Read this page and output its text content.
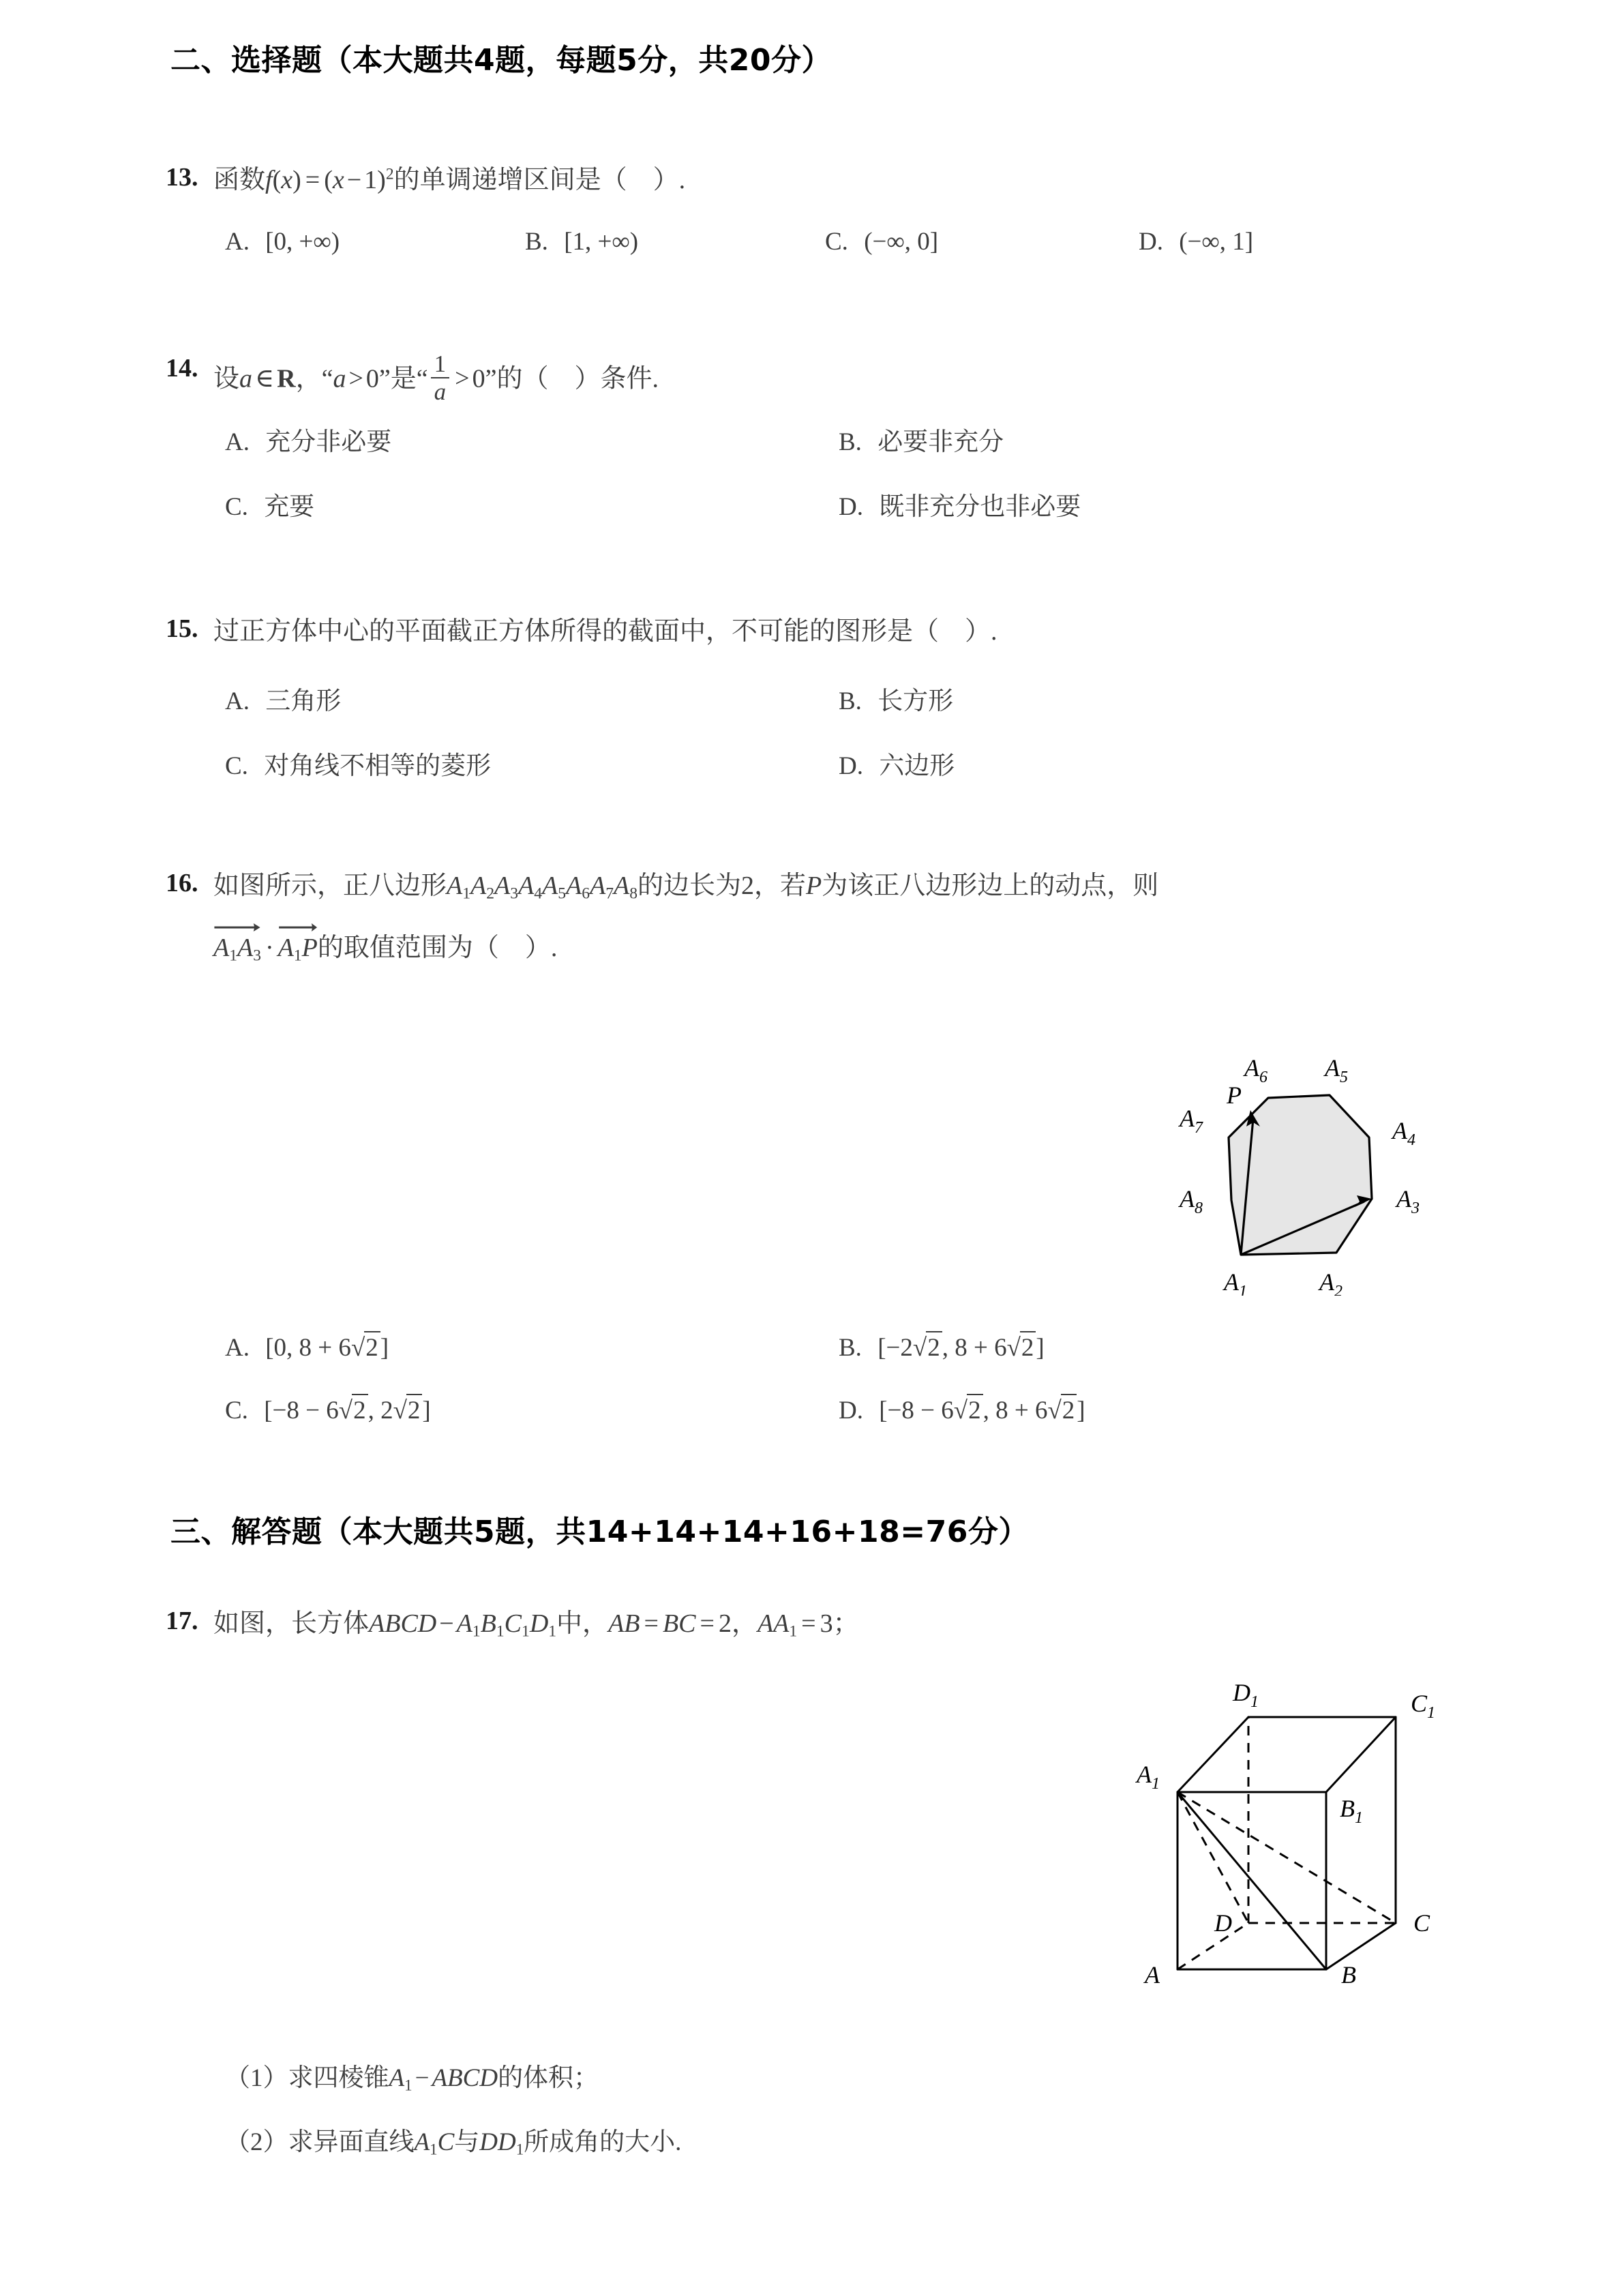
二、选择题（本大题共4题，每题5分，共20分）
13. 函数$f(x) = (x - 1)^2$的单调递增区间是（　）.
A. [0, +∞)	B. [1, +∞)	C. (−∞, 0]	D. (−∞, 1]
14. 设a ∈ R，“a > 0”是“ $\frac{1}{a} > 0$”的（　）条件.
A. 充分非必要	B. 必要非充分
C. 充要	D. 既非充分也非必要
15. 过正方体中心的平面截正方体所得的截面中，不可能的图形是（　）.
A. 三角形	B. 长方形
C. 对角线不相等的菱形	D. 六边形
16. 如图所示，正八边形$A_1A_2A_3A_4A_5A_6A_7A_8$的边长为2，若P为该正八边形边上的动点，则
$A_1A_3 \cdot A_1P$的取值范围为（　）.
$A_1$	$A_2$
$A_3$
$A_4$
$A_5$
$A_6$
$A_7$
$A_8$
P
A. [0, 8 + 6√2]	B. [−2√2, 8 + 6√2]
C. [−8 − 6√2, 2√2]	D. [−8 − 6√2, 8 + 6√2]
三、解答题（本大题共5题，共14+14+14+16+18=76分）
17. 如图，长方体ABCD − $A_1B_1C_1D_1$中，AB = BC = 2，$AA_1 = 3$；
A	B
C
D
$A_1$
$B_1$
$C_1$
$D_1$
（1）求四棱锥$A_1$ − ABCD的体积；
（2）求异面直线$A_1C$与$DD_1$所成角的大小.
